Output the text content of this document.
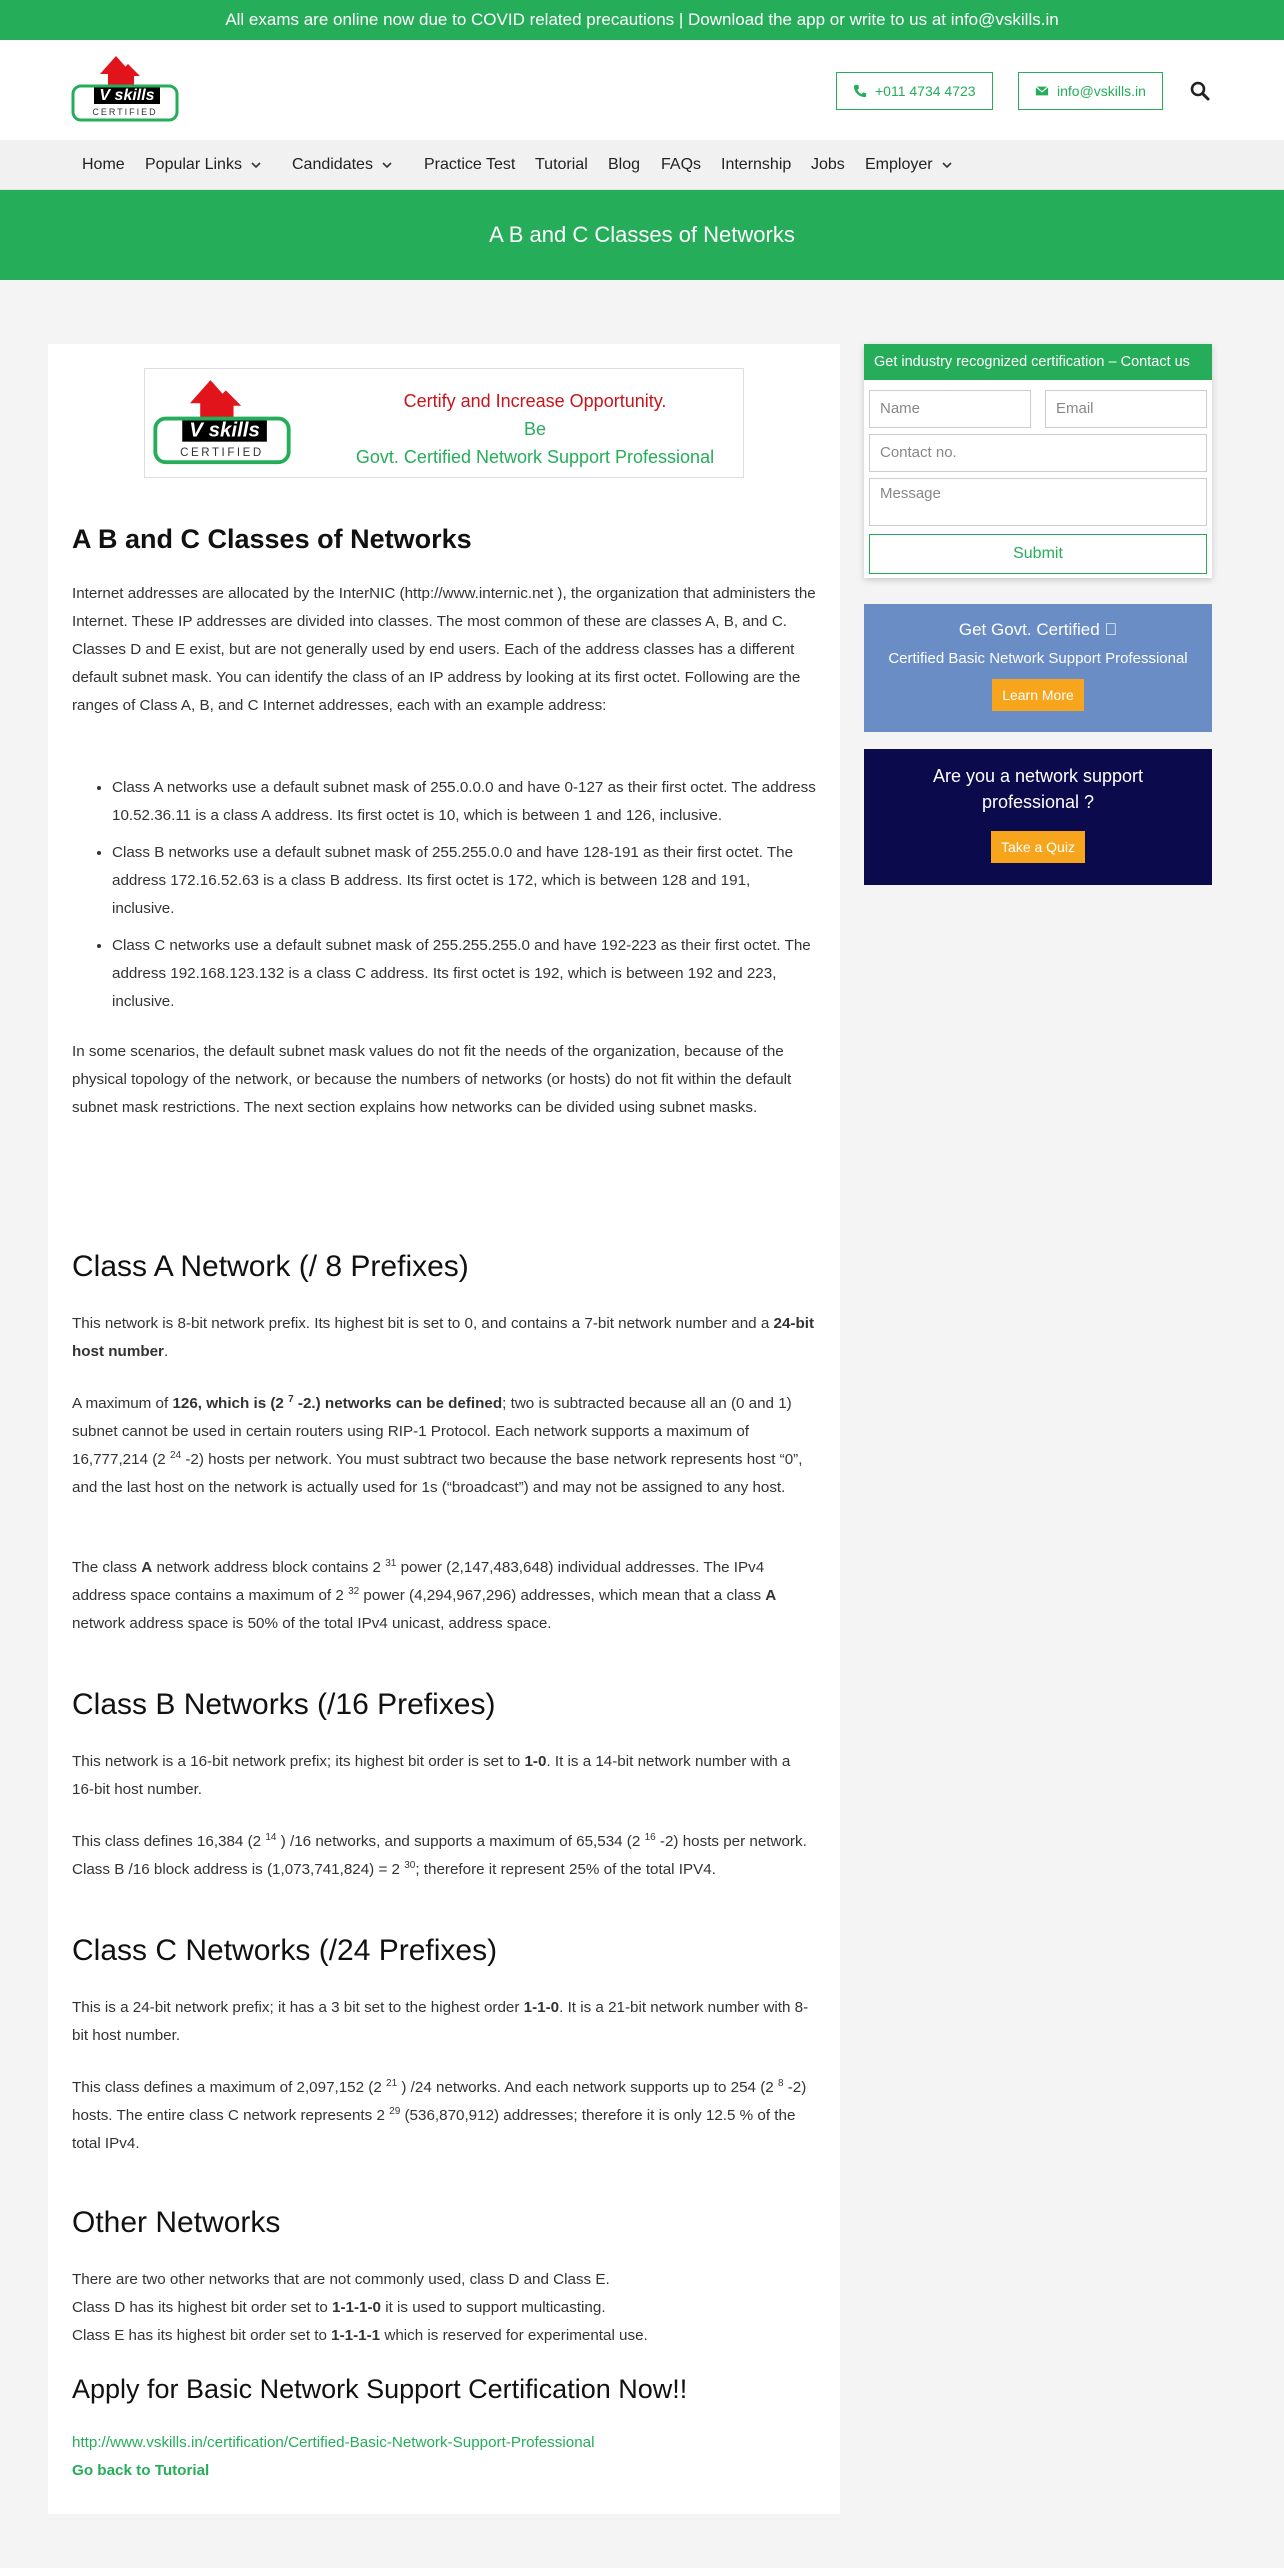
All exams are online now due to COVID related precautions | Download the app or write to us at info@vskills.in
V skills
CERTIFIED
+011 4734 4723	info@vskills.in
Home Popular Links	Candidates	Practice Test Tutorial Blog FAQs Internship Jobs Employer
A B and C Classes of Networks
V skills
CERTIFIED
Certify and Increase Opportunity.
Be
Govt. Certified Network Support Professional
A B and C Classes of Networks

Internet addresses are allocated by the InterNIC (http://www.internic.net ), the organization that administers the Internet. These IP addresses are divided into classes. The most common of these are classes A, B, and C. Classes D and E exist, but are not generally used by end users. Each of the address classes has a different default subnet mask. You can identify the class of an IP address by looking at its first octet. Following are the ranges of Class A, B, and C Internet addresses, each with an example address:

• Class A networks use a default subnet mask of 255.0.0.0 and have 0-127 as their first octet. The address 10.52.36.11 is a class A address. Its first octet is 10, which is between 1 and 126, inclusive.
• Class B networks use a default subnet mask of 255.255.0.0 and have 128-191 as their first octet. The address 172.16.52.63 is a class B address. Its first octet is 172, which is between 128 and 191, inclusive.
• Class C networks use a default subnet mask of 255.255.255.0 and have 192-223 as their first octet. The address 192.168.123.132 is a class C address. Its first octet is 192, which is between 192 and 223, inclusive.

In some scenarios, the default subnet mask values do not fit the needs of the organization, because of the physical topology of the network, or because the numbers of networks (or hosts) do not fit within the default subnet mask restrictions. The next section explains how networks can be divided using subnet masks.

Class A Network (/ 8 Prefixes)

This network is 8-bit network prefix. Its highest bit is set to 0, and contains a 7-bit network number and a 24-bit host number.

A maximum of 126, which is (2 $^7$ -2.) networks can be defined; two is subtracted because all an (0 and 1) subnet cannot be used in certain routers using RIP-1 Protocol. Each network supports a maximum of 16,777,214 (2 $^{24}$ -2) hosts per network. You must subtract two because the base network represents host “0”, and the last host on the network is actually used for 1s (“broadcast”) and may not be assigned to any host.

The class A network address block contains 2 $^{31}$ power (2,147,483,648) individual addresses. The IPv4 address space contains a maximum of 2 $^{32}$ power (4,294,967,296) addresses, which mean that a class A network address space is 50% of the total IPv4 unicast, address space.

Class B Networks (/16 Prefixes)

This network is a 16-bit network prefix; its highest bit order is set to 1-0. It is a 14-bit network number with a 16-bit host number.

This class defines 16,384 (2 $^{14}$ ) /16 networks, and supports a maximum of 65,534 (2 $^{16}$ -2) hosts per network. Class B /16 block address is (1,073,741,824) = 2 $^{30}$; therefore it represent 25% of the total IPV4.

Class C Networks (/24 Prefixes)

This is a 24-bit network prefix; it has a 3 bit set to the highest order 1-1-0. It is a 21-bit network number with 8-bit host number.

This class defines a maximum of 2,097,152 (2 $^{21}$ ) /24 networks. And each network supports up to 254 (2 $^8$ -2) hosts. The entire class C network represents 2 $^{29}$ (536,870,912) addresses; therefore it is only 12.5 % of the total IPv4.

Other Networks

There are two other networks that are not commonly used, class D and Class E.
Class D has its highest bit order set to 1-1-1-0 it is used to support multicasting.
Class E has its highest bit order set to 1-1-1-1 which is reserved for experimental use.

Apply for Basic Network Support Certification Now!!
http://www.vskills.in/certification/Certified-Basic-Network-Support-Professional
Go back to Tutorial
Get industry recognized certification – Contact us
Name	Email
Contact no.
Message
Submit
Get Govt. Certified
Certified Basic Network Support Professional
Learn More
Are you a network support professional ?
Take a Quiz
